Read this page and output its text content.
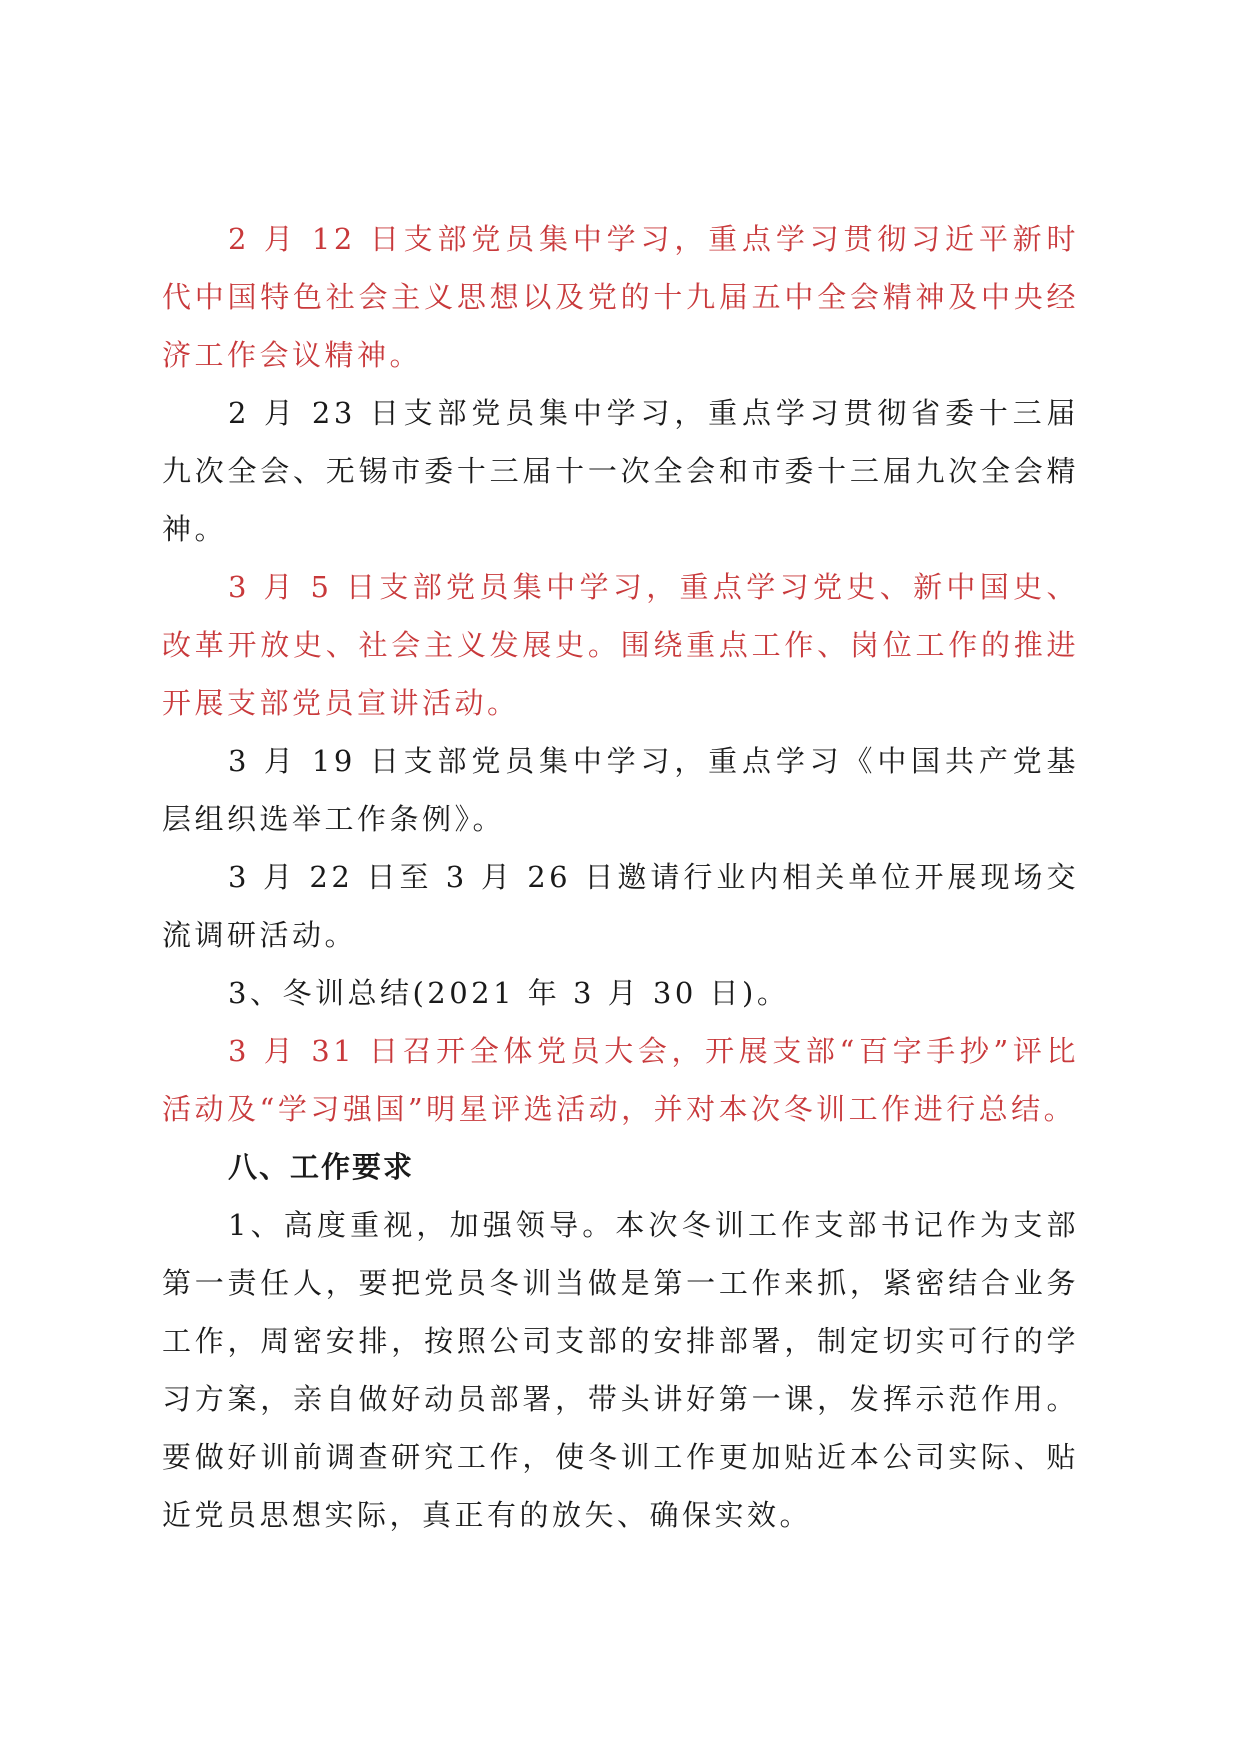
2 月 12 日支部党员集中学习，重点学习贯彻习近平新时代中国特色社会主义思想以及党的十九届五中全会精神及中央经济工作会议精神。

2 月 23 日支部党员集中学习，重点学习贯彻省委十三届九次全会、无锡市委十三届十一次全会和市委十三届九次全会精神。

3 月 5 日支部党员集中学习，重点学习党史、新中国史、改革开放史、社会主义发展史。围绕重点工作、岗位工作的推进开展支部党员宣讲活动。

3 月 19 日支部党员集中学习，重点学习《中国共产党基层组织选举工作条例》。

3 月 22 日至 3 月 26 日邀请行业内相关单位开展现场交流调研活动。

3、冬训总结(2021 年 3 月 30 日)。

3 月 31 日召开全体党员大会，开展支部“百字手抄”评比活动及“学习强国”明星评选活动，并对本次冬训工作进行总结。

八、工作要求

1、高度重视，加强领导。本次冬训工作支部书记作为支部第一责任人，要把党员冬训当做是第一工作来抓，紧密结合业务工作，周密安排，按照公司支部的安排部署，制定切实可行的学习方案，亲自做好动员部署，带头讲好第一课，发挥示范作用。要做好训前调查研究工作，使冬训工作更加贴近本公司实际、贴近党员思想实际，真正有的放矢、确保实效。
